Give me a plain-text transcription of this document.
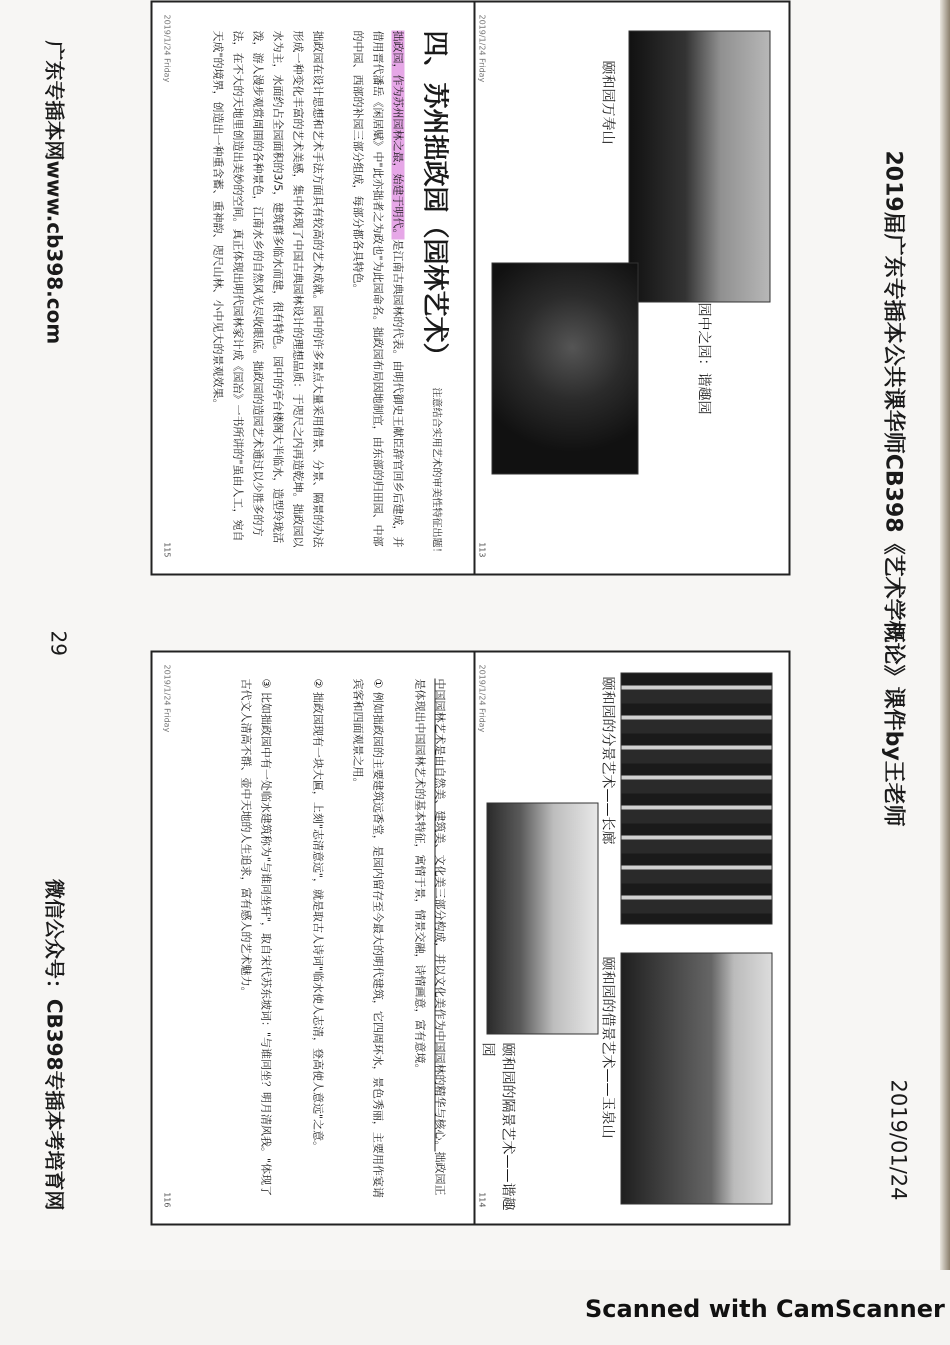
2019届广东专插本公共课华师CB398《艺术学概论》课件by王老师
2019/01/24
颐和园万寿山
园中之园：谐趣园
2019/1/24 Friday
113
四、苏州拙政园（园林艺术）
注意结合实用艺术的审美性特征出题！
拙政园，作为苏州园林之最，始建于明代。是江南古典园林的代表。由明代御史王献臣辞官回乡后建成，并借用晋代潘岳《闲居赋》中"此亦拙者之为政也"为此园命名。拙政园布局因地制宜，由东部的归田园、中部的中园、西部的补园三部分组成，每部分都各具特色。
拙政园在设计思想和艺术手法方面具有较高的艺术成就。园中的许多景点大量采用借景、分景、隔景的办法形成一种变化丰富的艺术美感，集中体现了中国古典园林设计的理想品质：于咫尺之内再造乾坤。拙政园以水为主，水面约占全园面积的3/5，建筑群多临水而建，很有特色。园中的亭台楼阁大半临水，造型玲珑活泼，游人漫步观赏周围的各种景色，江南水乡的自然风光尽收眼底。拙政园的造园艺术通过以少胜多的方法，在不大的天地里创造出美妙的空间。真正体现出明代园林家计成《园冶》一书所讲的"虽由人工，宛自天成"的境界，创造出一种重含蓄、重神韵、咫尺山林、小中见大的景观效果。
2019/1/24 Friday
115
颐和园的分景艺术——长廊
颐和园的借景艺术——玉泉山
颐和园的隔景艺术——谐趣园
2019/1/24 Friday
114
中国园林艺术是由自然美、建筑美、文化美三部分构成，并以文化美作为中国园林的精华与核心。拙政园正是体现出中国园林艺术的基本特征，寓情于景，情景交融，诗情画意，富有意境。
① 例如拙政园的主要建筑远香堂，是园内留存至今最大的明代建筑，它四周环水，景色秀丽，主要用作宴请宾客和四面观景之用。
② 拙政园现有一块大匾，上刻"志清意远"，就是取古人诗词"临水使人志清，登高使人意远"之意。
③ 比如拙政园中有一处临水建筑称为"与谁同坐轩"，取自宋代苏东坡词："与谁同坐？明月清风我。"体现了古代文人清高不群、壶中天地的人生追求，富有感人的艺术魅力。
2019/1/24 Friday
116
广东专插本网www.cb398.com
29
微信公众号：CB398专插本考培育网
Scanned with CamScanner
